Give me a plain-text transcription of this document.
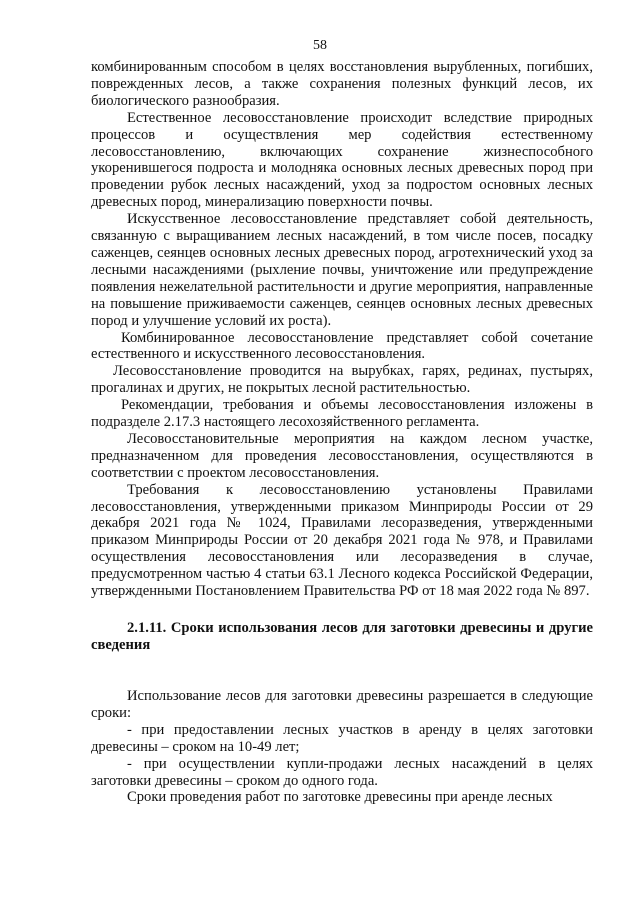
58

комбинированным способом в целях восстановления вырубленных, погибших, поврежденных лесов, а также сохранения полезных функций лесов, их биологического разнообразия.

Естественное лесовосстановление происходит вследствие природных процессов и осуществления мер содействия естественному лесовосстановлению, включающих сохранение жизнеспособного укоренившегося подроста и молодняка основных лесных древесных пород при проведении рубок лесных насаждений, уход за подростом основных лесных древесных пород, минерализацию поверхности почвы.

Искусственное лесовосстановление представляет собой деятельность, связанную с выращиванием лесных насаждений, в том числе посев, посадку саженцев, сеянцев основных лесных древесных пород, агротехнический уход за лесными насаждениями (рыхление почвы, уничтожение или предупреждение появления нежелательной растительности и другие мероприятия, направленные на повышение приживаемости саженцев, сеянцев основных лесных древесных пород и улучшение условий их роста).

Комбинированное лесовосстановление представляет собой сочетание естественного и искусственного лесовосстановления.

Лесовосстановление проводится на вырубках, гарях, рединах, пустырях, прогалинах и других, не покрытых лесной растительностью.

Рекомендации, требования и объемы лесовосстановления изложены в подразделе 2.17.3 настоящего лесохозяйственного регламента.

Лесовосстановительные мероприятия на каждом лесном участке, предназначенном для проведения лесовосстановления, осуществляются в соответствии с проектом лесовосстановления.

Требования к лесовосстановлению установлены Правилами лесовосстановления, утвержденными приказом Минприроды России от 29 декабря 2021 года № 1024, Правилами лесоразведения, утвержденными приказом Минприроды России от 20 декабря 2021 года № 978, и Правилами осуществления лесовосстановления или лесоразведения в случае, предусмотренном частью 4 статьи 63.1 Лесного кодекса Российской Федерации, утвержденными Постановлением Правительства РФ от 18 мая 2022 года № 897.

2.1.11. Сроки использования лесов для заготовки древесины и другие сведения

Использование лесов для заготовки древесины разрешается в следующие сроки:

- при предоставлении лесных участков в аренду в целях заготовки древесины – сроком на 10-49 лет;

- при осуществлении купли-продажи лесных насаждений в целях заготовки древесины – сроком до одного года.

Сроки проведения работ по заготовке древесины при аренде лесных
